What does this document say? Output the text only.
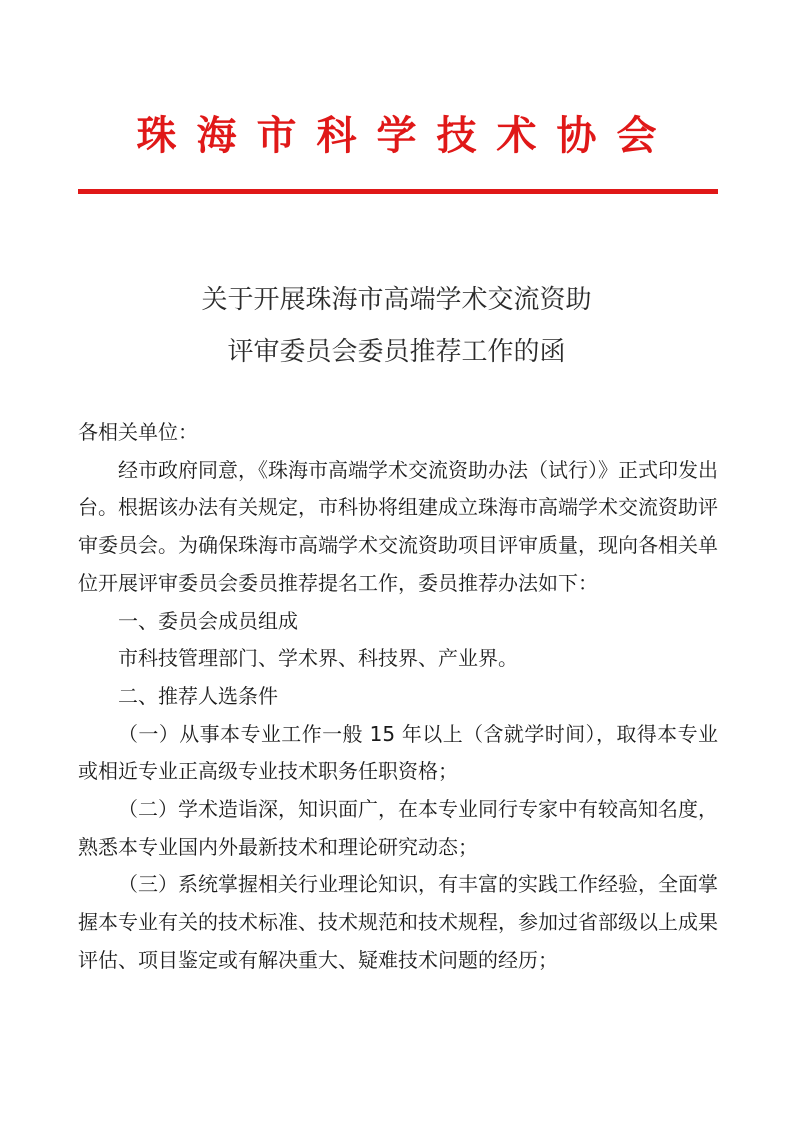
珠海市科学技术协会
关于开展珠海市高端学术交流资助
评审委员会委员推荐工作的函

各相关单位：

经市政府同意，《珠海市高端学术交流资助办法（试行）》正式印发出台。根据该办法有关规定，市科协将组建成立珠海市高端学术交流资助评审委员会。为确保珠海市高端学术交流资助项目评审质量，现向各相关单位开展评审委员会委员推荐提名工作，委员推荐办法如下：

一、委员会成员组成

市科技管理部门、学术界、科技界、产业界。

二、推荐人选条件

（一）从事本专业工作一般 15 年以上（含就学时间），取得本专业或相近专业正高级专业技术职务任职资格；

（二）学术造诣深，知识面广，在本专业同行专家中有较高知名度，熟悉本专业国内外最新技术和理论研究动态；

（三）系统掌握相关行业理论知识，有丰富的实践工作经验，全面掌握本专业有关的技术标准、技术规范和技术规程，参加过省部级以上成果评估、项目鉴定或有解决重大、疑难技术问题的经历；
